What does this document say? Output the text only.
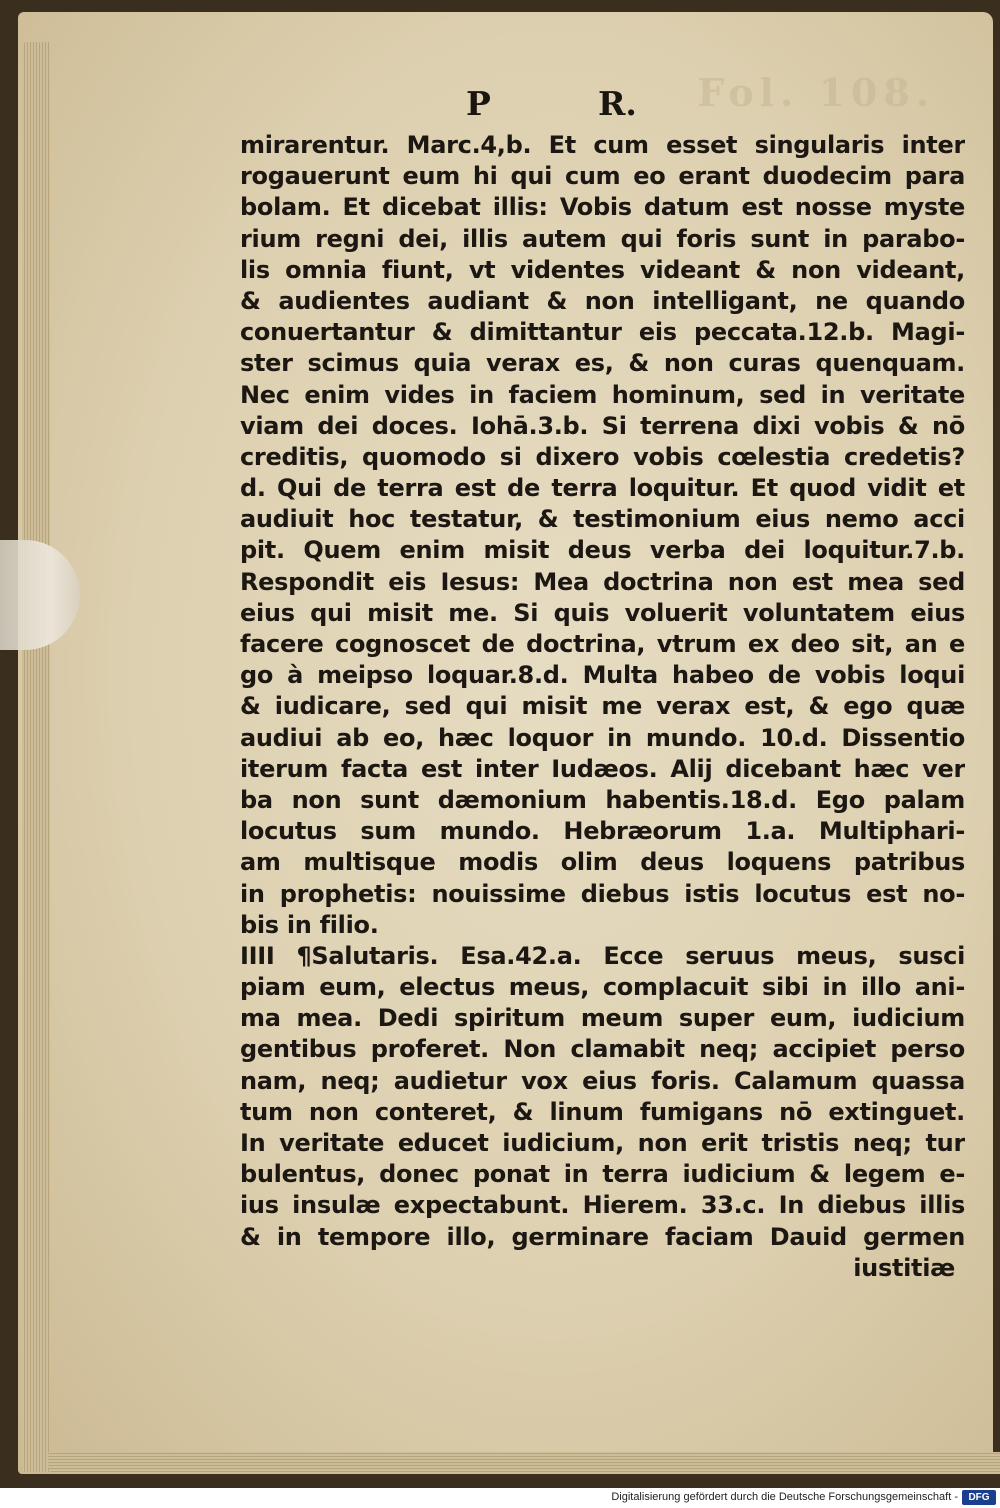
Fol. 108.
P	R.
mirarentur. Marc.4,b. Et cum esset singularis inter
rogauerunt eum hi qui cum eo erant duodecim para
bolam. Et dicebat illis: Vobis datum est nosse myste
rium regni dei, illis autem qui foris sunt in parabo-
lis omnia fiunt, vt videntes videant & non videant,
& audientes audiant & non intelligant, ne quando
conuertantur & dimittantur eis peccata.12.b. Magi-
ster scimus quia verax es, & non curas quenquam.
Nec enim vides in faciem hominum, sed in veritate
viam dei doces. Iohā.3.b. Si terrena dixi vobis & nō
creditis, quomodo si dixero vobis cœlestia credetis?
d. Qui de terra est de terra loquitur. Et quod vidit et
audiuit hoc testatur, & testimonium eius nemo acci
pit. Quem enim misit deus verba dei loquitur.7.b.
Respondit eis Iesus: Mea doctrina non est mea sed
eius qui misit me. Si quis voluerit voluntatem eius
facere cognoscet de doctrina, vtrum ex deo sit, an e
go à meipso loquar.8.d. Multa habeo de vobis loqui
& iudicare, sed qui misit me verax est, & ego quæ
audiui ab eo, hæc loquor in mundo. 10.d. Dissentio
iterum facta est inter Iudæos. Alij dicebant hæc ver
ba non sunt dæmonium habentis.18.d. Ego palam
locutus sum mundo. Hebræorum 1.a. Multiphari-
am multisque modis olim deus loquens patribus
in prophetis: nouissime diebus istis locutus est no-
bis in filio.
IIII ¶Salutaris. Esa.42.a. Ecce seruus meus, susci
piam eum, electus meus, complacuit sibi in illo ani-
ma mea. Dedi spiritum meum super eum, iudicium
gentibus proferet. Non clamabit neq; accipiet perso
nam, neq; audietur vox eius foris. Calamum quassa
tum non conteret, & linum fumigans nō extinguet.
In veritate educet iudicium, non erit tristis neq; tur
bulentus, donec ponat in terra iudicium & legem e-
ius insulæ expectabunt. Hierem. 33.c. In diebus illis
& in tempore illo, germinare faciam Dauid germen
iustitiæ
Digitalisierung gefördert durch die Deutsche Forschungsgemeinschaft -	DFG
